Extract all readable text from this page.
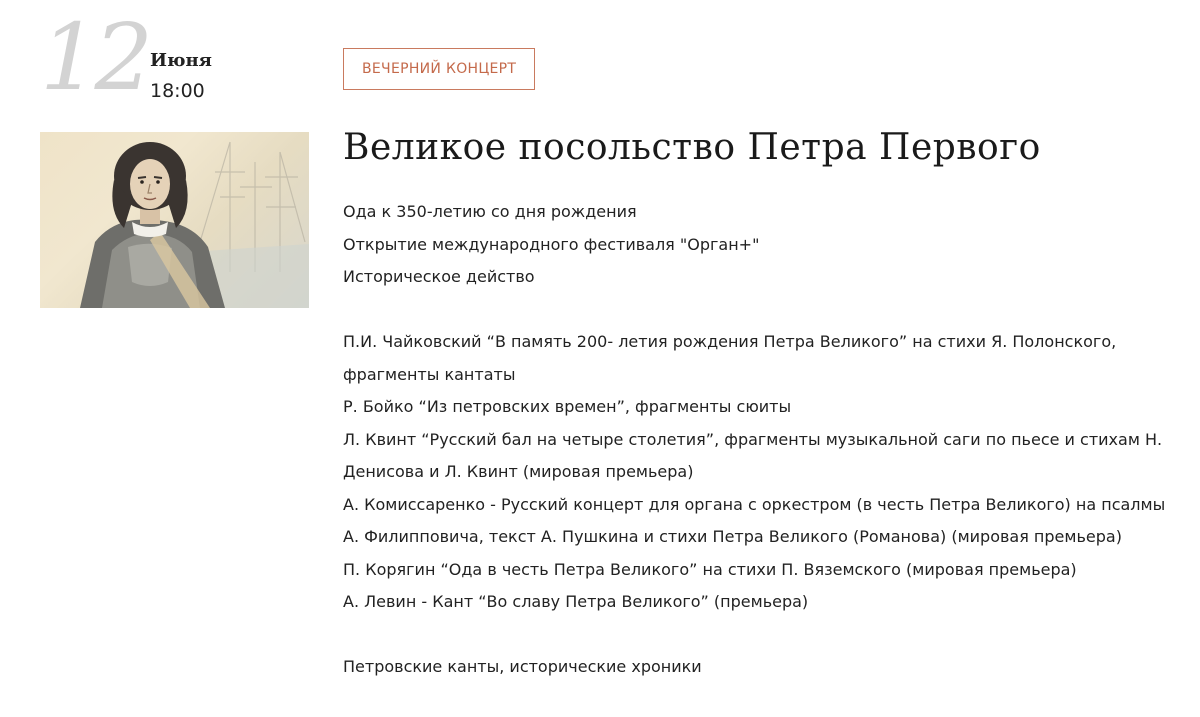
12 Июня
18:00
ВЕЧЕРНИЙ КОНЦЕРТ
Великое посольство Петра Первого

Ода к 350-летию со дня рождения

Открытие международного фестиваля "Орган+"

Историческое действо

П.И. Чайковский “В память 200- летия рождения Петра Великого” на стихи Я. Полонского,

фрагменты кантаты

Р. Бойко “Из петровских времен”, фрагменты сюиты

Л. Квинт “Русский бал на четыре столетия”, фрагменты музыкальной саги по пьесе и стихам Н.

Денисова и Л. Квинт (мировая премьера)

А. Комиссаренко - Русский концерт для органа с оркестром (в честь Петра Великого) на псалмы

А. Филипповича, текст А. Пушкина и стихи Петра Великого (Романова) (мировая премьера)

П. Корягин “Ода в честь Петра Великого” на стихи П. Вяземского (мировая премьера)

А. Левин - Кант “Во славу Петра Великого” (премьера)

Петровские канты, исторические хроники
